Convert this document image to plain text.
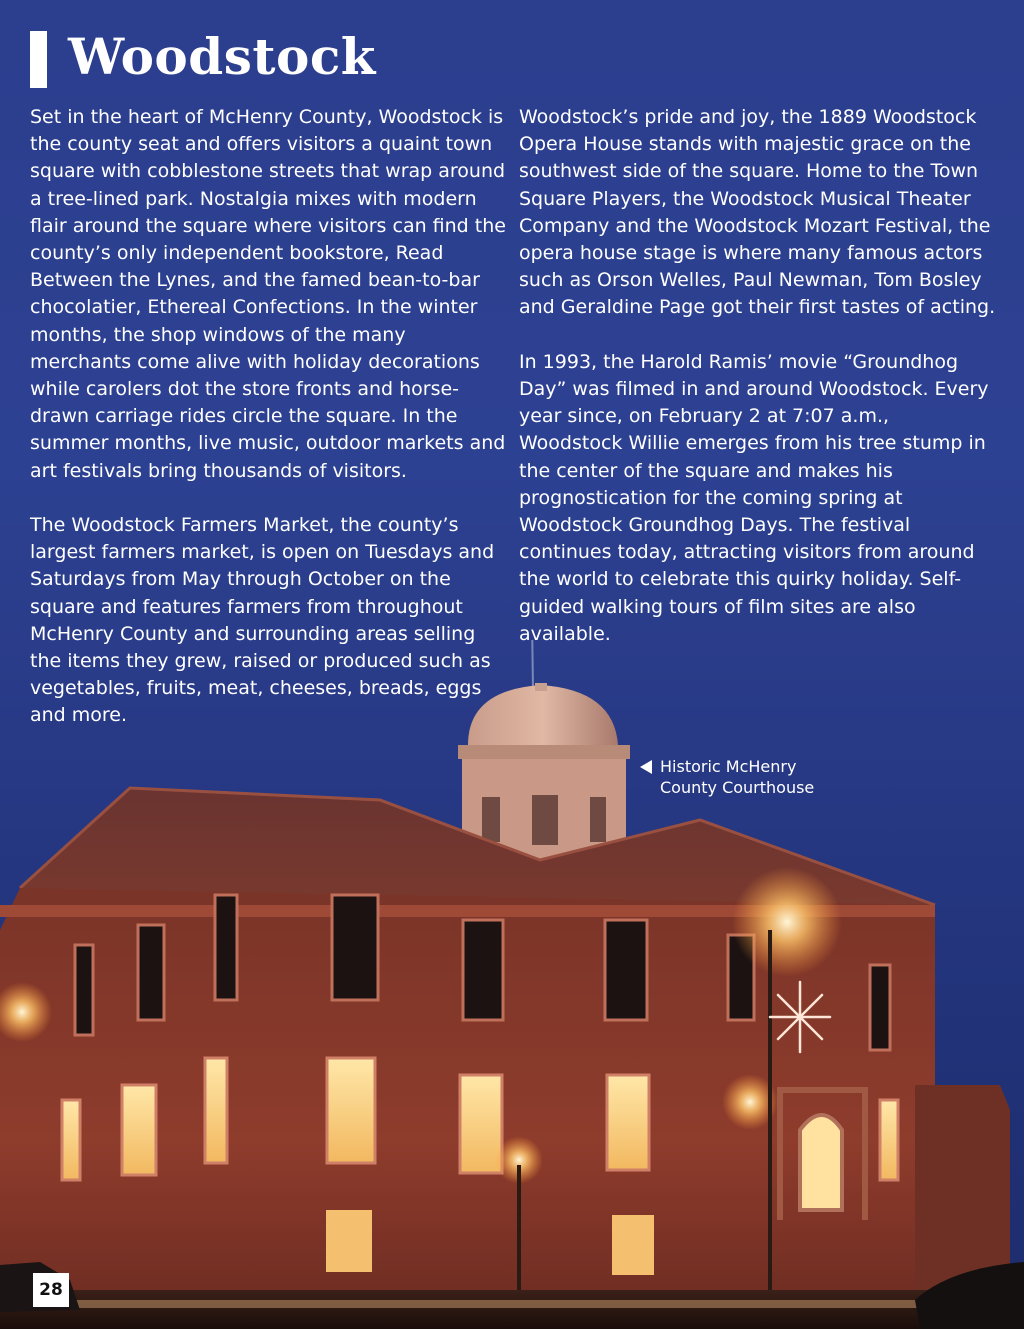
Woodstock

Set in the heart of McHenry County, Woodstock is the county seat and offers visitors a quaint town square with cobblestone streets that wrap around a tree-lined park. Nostalgia mixes with modern flair around the square where visitors can find the county’s only independent bookstore, Read Between the Lynes, and the famed bean-to-bar chocolatier, Ethereal Confections. In the winter months, the shop windows of the many merchants come alive with holiday decorations while carolers dot the store fronts and horse-drawn carriage rides circle the square. In the summer months, live music, outdoor markets and art festivals bring thousands of visitors.

The Woodstock Farmers Market, the county’s largest farmers market, is open on Tuesdays and Saturdays from May through October on the square and features farmers from throughout McHenry County and surrounding areas selling the items they grew, raised or produced such as vegetables, fruits, meat, cheeses, breads, eggs and more.

Woodstock’s pride and joy, the 1889 Woodstock Opera House stands with majestic grace on the southwest side of the square. Home to the Town Square Players, the Woodstock Musical Theater Company and the Woodstock Mozart Festival, the opera house stage is where many famous actors such as Orson Welles, Paul Newman, Tom Bosley and Geraldine Page got their first tastes of acting.

In 1993, the Harold Ramis’ movie “Groundhog Day” was filmed in and around Woodstock. Every year since, on February 2 at 7:07 a.m., Woodstock Willie emerges from his tree stump in the center of the square and makes his prognostication for the coming spring at Woodstock Groundhog Days. The festival continues today, attracting visitors from around the world to celebrate this quirky holiday. Self-guided walking tours of film sites are also available.

Historic McHenry
County Courthouse
28
